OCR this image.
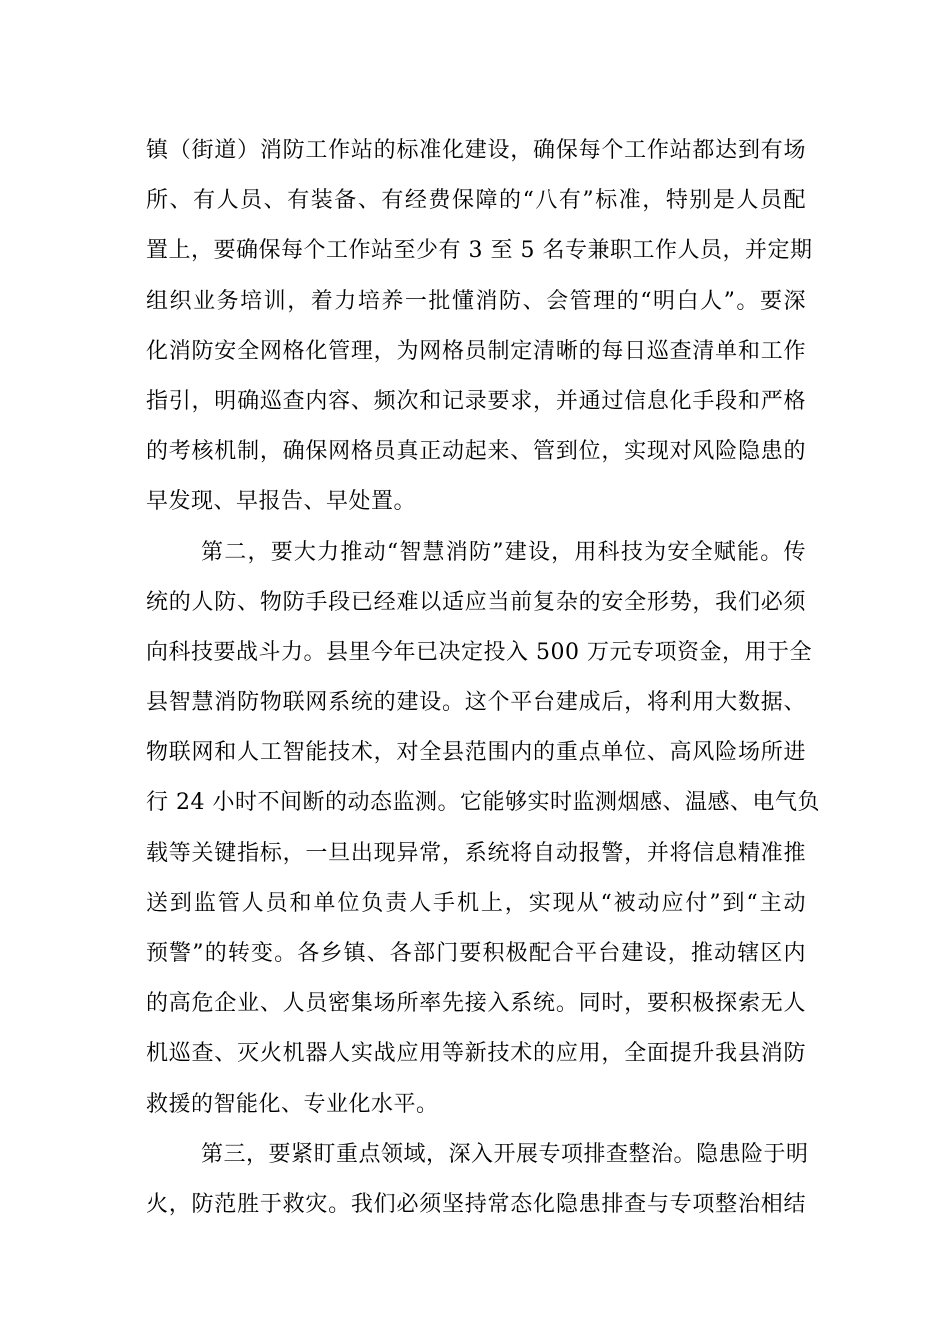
镇（街道）消防工作站的标准化建设，确保每个工作站都达到有场
所、有人员、有装备、有经费保障的“八有”标准，特别是人员配
置上，要确保每个工作站至少有 3 至 5 名专兼职工作人员，并定期
组织业务培训，着力培养一批懂消防、会管理的“明白人”。要深
化消防安全网格化管理，为网格员制定清晰的每日巡查清单和工作
指引，明确巡查内容、频次和记录要求，并通过信息化手段和严格
的考核机制，确保网格员真正动起来、管到位，实现对风险隐患的
早发现、早报告、早处置。
第二，要大力推动“智慧消防”建设，用科技为安全赋能。传
统的人防、物防手段已经难以适应当前复杂的安全形势，我们必须
向科技要战斗力。县里今年已决定投入 500 万元专项资金，用于全
县智慧消防物联网系统的建设。这个平台建成后，将利用大数据、
物联网和人工智能技术，对全县范围内的重点单位、高风险场所进
行 24 小时不间断的动态监测。它能够实时监测烟感、温感、电气负
载等关键指标，一旦出现异常，系统将自动报警，并将信息精准推
送到监管人员和单位负责人手机上，实现从“被动应付”到“主动
预警”的转变。各乡镇、各部门要积极配合平台建设，推动辖区内
的高危企业、人员密集场所率先接入系统。同时，要积极探索无人
机巡查、灭火机器人实战应用等新技术的应用，全面提升我县消防
救援的智能化、专业化水平。
第三，要紧盯重点领域，深入开展专项排查整治。隐患险于明
火，防范胜于救灾。我们必须坚持常态化隐患排查与专项整治相结
